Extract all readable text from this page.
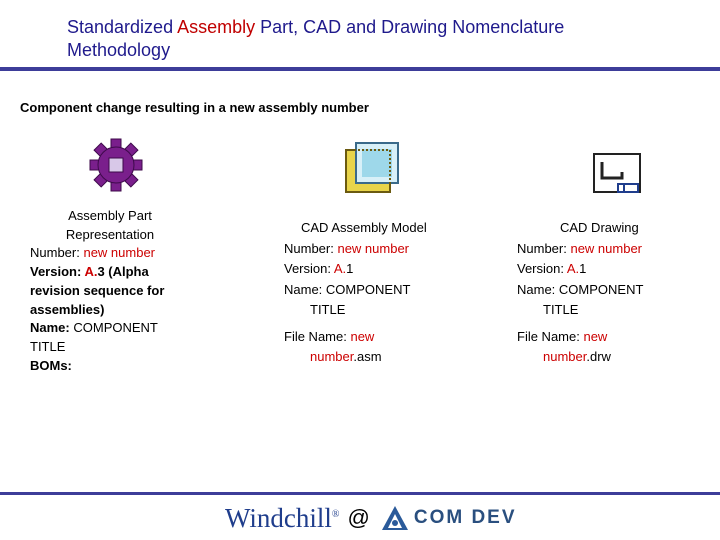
Standardized Assembly Part, CAD and Drawing Nomenclature Methodology
Component change resulting in a new assembly number
Assembly Part Representation
Number: new number
Version: A.3 (Alpha revision sequence for assemblies)
Name: COMPONENT TITLE
BOMs:
CAD Assembly Model
Number: new number
Version: A.1
Name: COMPONENT
TITLE
File Name: new
number.asm
CAD Drawing
Number: new number
Version: A.1
Name: COMPONENT
TITLE
File Name: new
number.drw
Windchill® @ COM DEV
